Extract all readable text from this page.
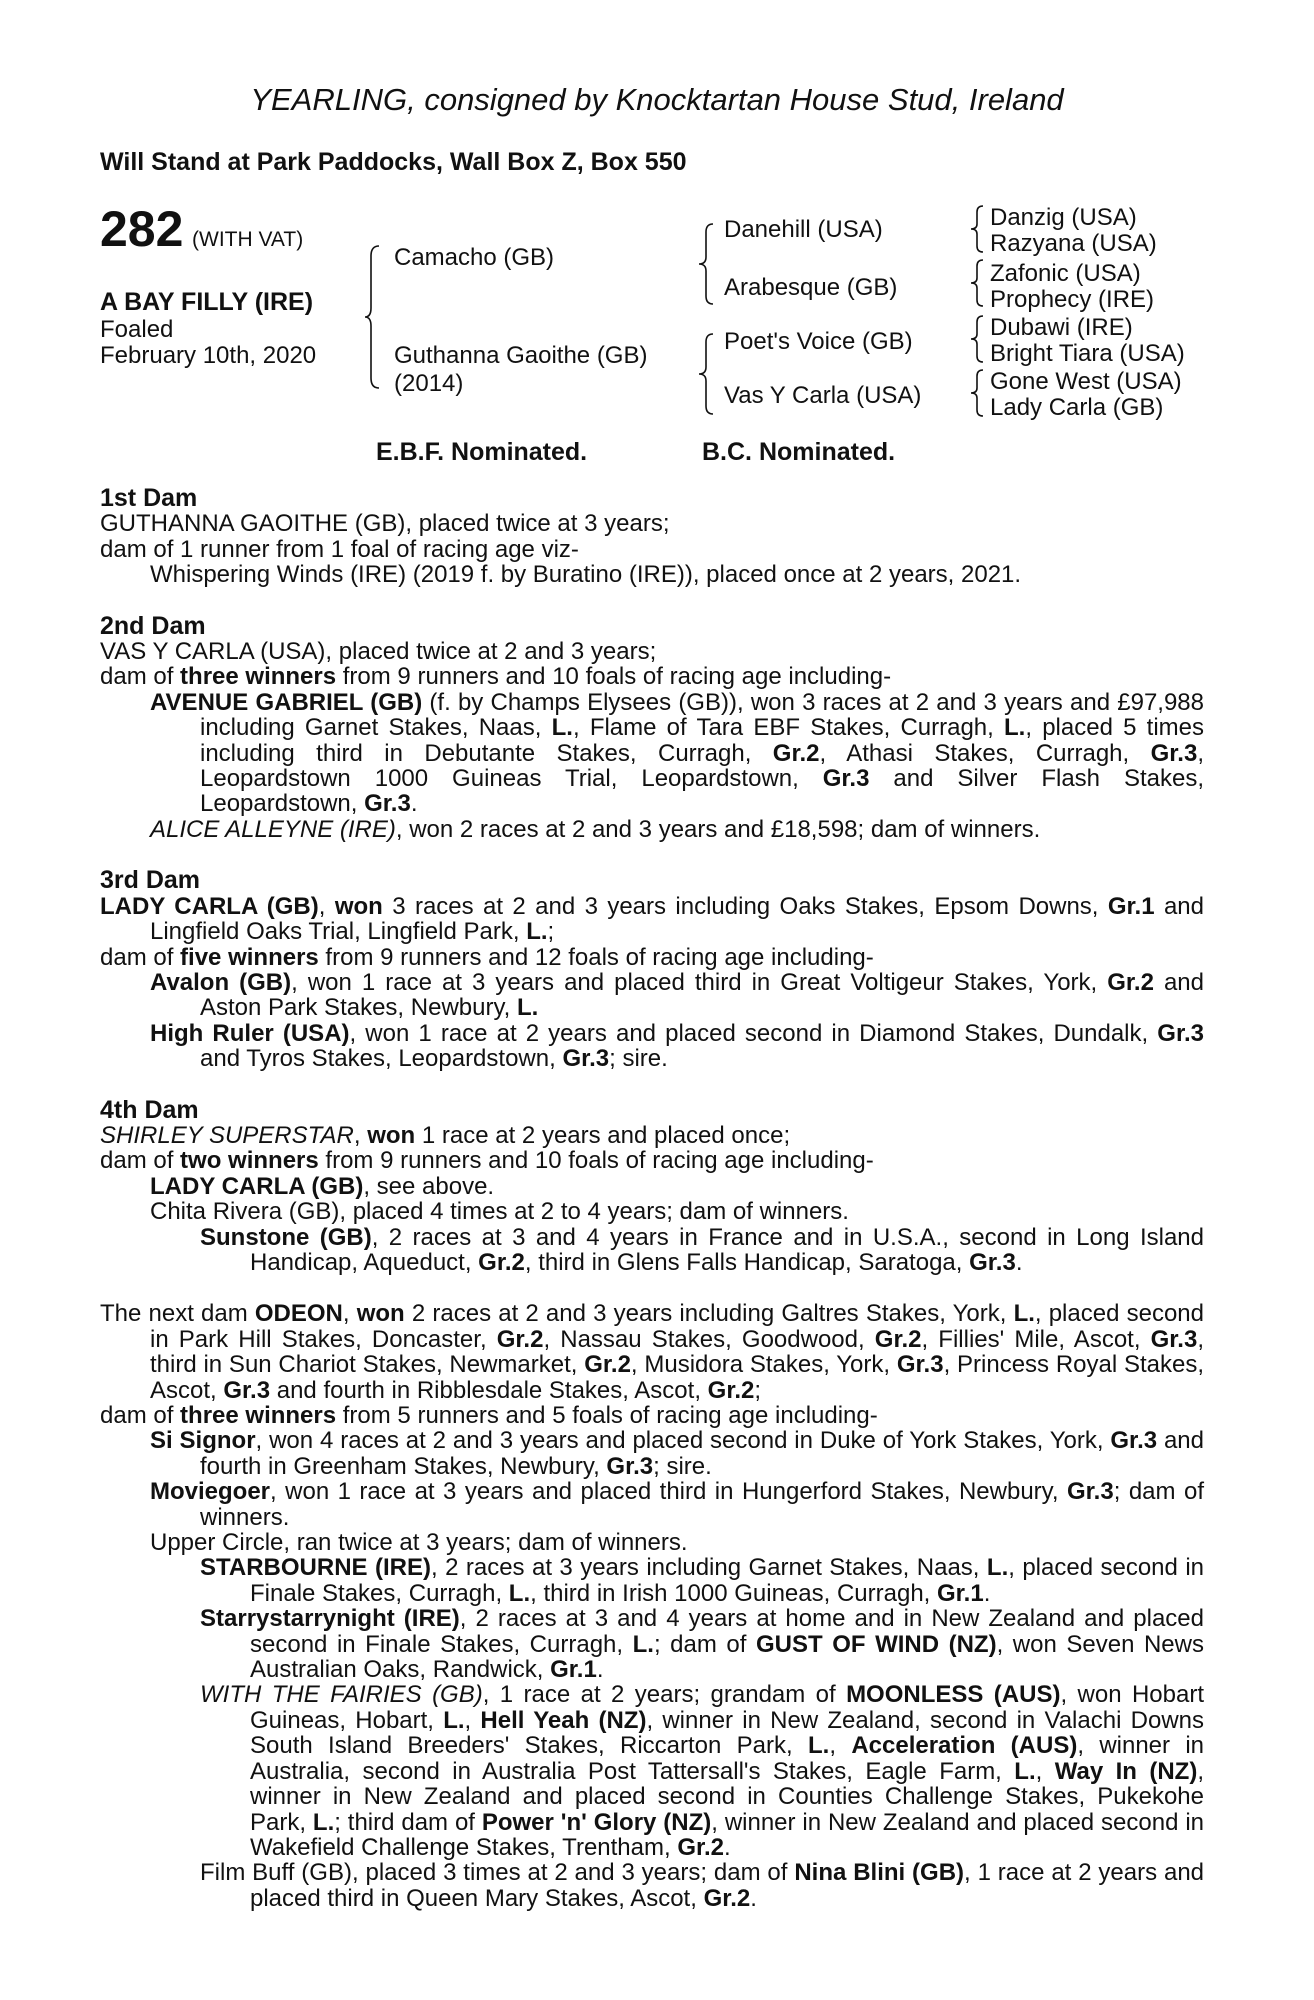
YEARLING, consigned by Knocktartan House Stud, Ireland
Will Stand at Park Paddocks, Wall Box Z, Box 550
282 (WITH VAT)
A BAY FILLY (IRE)
Foaled
February 10th, 2020
Camacho (GB)
Guthanna Gaoithe (GB)
(2014)
Danehill (USA)
Arabesque (GB)
Poet's Voice (GB)
Vas Y Carla (USA)
Danzig (USA)
Razyana (USA)
Zafonic (USA)
Prophecy (IRE)
Dubawi (IRE)
Bright Tiara (USA)
Gone West (USA)
Lady Carla (GB)
E.B.F. Nominated.	B.C. Nominated.
1st Dam

GUTHANNA GAOITHE (GB), placed twice at 3 years;

dam of 1 runner from 1 foal of racing age viz-

Whispering Winds (IRE) (2019 f. by Buratino (IRE)), placed once at 2 years, 2021.

2nd Dam

VAS Y CARLA (USA), placed twice at 2 and 3 years;

dam of three winners from 9 runners and 10 foals of racing age including-

AVENUE GABRIEL (GB) (f. by Champs Elysees (GB)), won 3 races at 2 and 3 years and £97,988 including Garnet Stakes, Naas, L., Flame of Tara EBF Stakes, Curragh, L., placed 5 times including third in Debutante Stakes, Curragh, Gr.2, Athasi Stakes, Curragh, Gr.3, Leopardstown 1000 Guineas Trial, Leopardstown, Gr.3 and Silver Flash Stakes, Leopardstown, Gr.3.

ALICE ALLEYNE (IRE), won 2 races at 2 and 3 years and £18,598; dam of winners.

3rd Dam

LADY CARLA (GB), won 3 races at 2 and 3 years including Oaks Stakes, Epsom Downs, Gr.1 and Lingfield Oaks Trial, Lingfield Park, L.;

dam of five winners from 9 runners and 12 foals of racing age including-

Avalon (GB), won 1 race at 3 years and placed third in Great Voltigeur Stakes, York, Gr.2 and Aston Park Stakes, Newbury, L.

High Ruler (USA), won 1 race at 2 years and placed second in Diamond Stakes, Dundalk, Gr.3 and Tyros Stakes, Leopardstown, Gr.3; sire.

4th Dam

SHIRLEY SUPERSTAR, won 1 race at 2 years and placed once;

dam of two winners from 9 runners and 10 foals of racing age including-

LADY CARLA (GB), see above.

Chita Rivera (GB), placed 4 times at 2 to 4 years; dam of winners.

Sunstone (GB), 2 races at 3 and 4 years in France and in U.S.A., second in Long Island Handicap, Aqueduct, Gr.2, third in Glens Falls Handicap, Saratoga, Gr.3.

The next dam ODEON, won 2 races at 2 and 3 years including Galtres Stakes, York, L., placed second in Park Hill Stakes, Doncaster, Gr.2, Nassau Stakes, Goodwood, Gr.2, Fillies' Mile, Ascot, Gr.3, third in Sun Chariot Stakes, Newmarket, Gr.2, Musidora Stakes, York, Gr.3, Princess Royal Stakes, Ascot, Gr.3 and fourth in Ribblesdale Stakes, Ascot, Gr.2;

dam of three winners from 5 runners and 5 foals of racing age including-

Si Signor, won 4 races at 2 and 3 years and placed second in Duke of York Stakes, York, Gr.3 and fourth in Greenham Stakes, Newbury, Gr.3; sire.

Moviegoer, won 1 race at 3 years and placed third in Hungerford Stakes, Newbury, Gr.3; dam of winners.

Upper Circle, ran twice at 3 years; dam of winners.

STARBOURNE (IRE), 2 races at 3 years including Garnet Stakes, Naas, L., placed second in Finale Stakes, Curragh, L., third in Irish 1000 Guineas, Curragh, Gr.1.

Starrystarrynight (IRE), 2 races at 3 and 4 years at home and in New Zealand and placed second in Finale Stakes, Curragh, L.; dam of GUST OF WIND (NZ), won Seven News Australian Oaks, Randwick, Gr.1.

WITH THE FAIRIES (GB), 1 race at 2 years; grandam of MOONLESS (AUS), won Hobart Guineas, Hobart, L., Hell Yeah (NZ), winner in New Zealand, second in Valachi Downs South Island Breeders' Stakes, Riccarton Park, L., Acceleration (AUS), winner in Australia, second in Australia Post Tattersall's Stakes, Eagle Farm, L., Way In (NZ), winner in New Zealand and placed second in Counties Challenge Stakes, Pukekohe Park, L.; third dam of Power 'n' Glory (NZ), winner in New Zealand and placed second in Wakefield Challenge Stakes, Trentham, Gr.2.

Film Buff (GB), placed 3 times at 2 and 3 years; dam of Nina Blini (GB), 1 race at 2 years and placed third in Queen Mary Stakes, Ascot, Gr.2.
